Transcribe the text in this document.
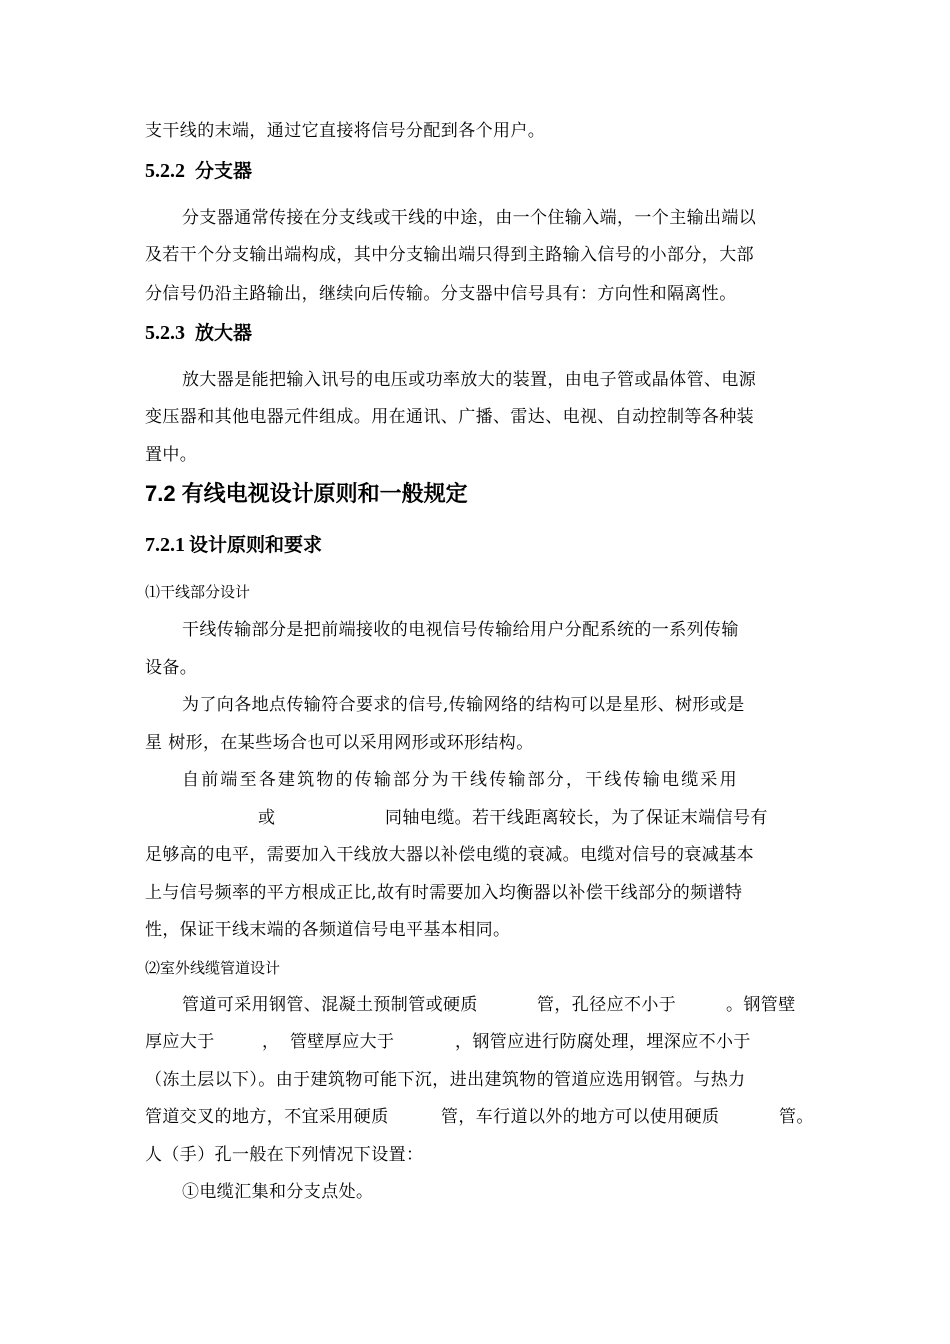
支干线的末端，通过它直接将信号分配到各个用户。
5.2.2 分支器
分支器通常传接在分支线或干线的中途，由一个住输入端，一个主输出端以
及若干个分支输出端构成，其中分支输出端只得到主路输入信号的小部分，大部
分信号仍沿主路输出，继续向后传输。分支器中信号具有：方向性和隔离性。
5.2.3 放大器
放大器是能把输入讯号的电压或功率放大的装置，由电子管或晶体管、电源
变压器和其他电器元件组成。用在通讯、广播、雷达、电视、自动控制等各种装
置中。
7.2 有线电视设计原则和一般规定
7.2.1 设计原则和要求
⑴干线部分设计
干线传输部分是把前端接收的电视信号传输给用户分配系统的一系列传输
设备。
为了向各地点传输符合要求的信号,传输网络的结构可以是星形、树形或是
星 树形，在某些场合也可以采用网形或环形结构。
自前端至各建筑物的传输部分为干线传输部分，干线传输电缆采用
或	同轴电缆。若干线距离较长，为了保证末端信号有
足够高的电平，需要加入干线放大器以补偿电缆的衰减。电缆对信号的衰减基本
上与信号频率的平方根成正比,故有时需要加入均衡器以补偿干线部分的频谱特
性，保证干线末端的各频道信号电平基本相同。
⑵室外线缆管道设计
管道可采用钢管、混凝土预制管或硬质	管，孔径应不小于	。钢管壁
厚应大于	， 管壁厚应大于	，钢管应进行防腐处理，埋深应不小于
（冻土层以下）。由于建筑物可能下沉，进出建筑物的管道应选用钢管。与热力
管道交叉的地方，不宜采用硬质	管，车行道以外的地方可以使用硬质	管。
人（手）孔一般在下列情况下设置：
①电缆汇集和分支点处。
